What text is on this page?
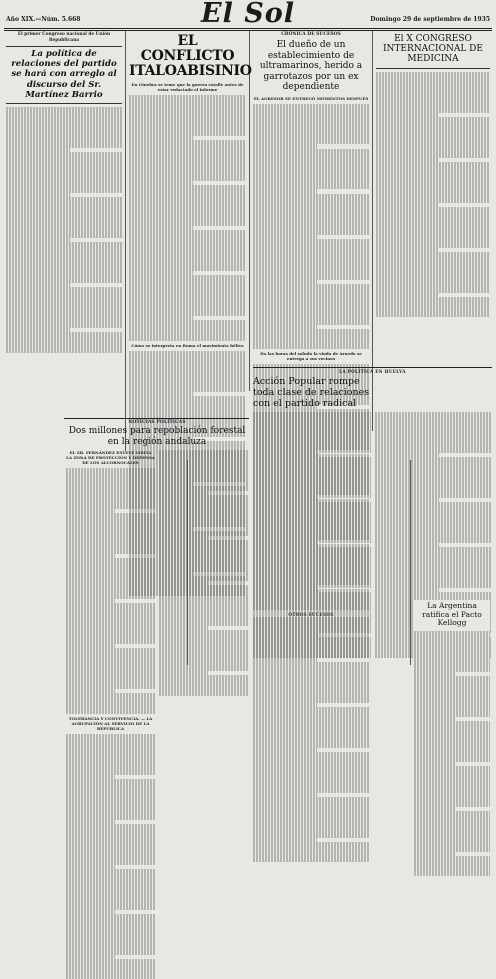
Año XIX.—Núm. 5.668	El Sol	Domingo 29 de septiembre de 1935
El primer Congreso nacional de Unión Republicana
La política de relaciones del partido se hará con arreglo al discurso del Sr. Martínez Barrio
EL CONFLICTO ITALOABISINIO
En Ginebra se teme que la guerra estalle antes de estar redactado el informe
Cómo se interpreta en Roma el movimiento bélico
CRÓNICA DE SUCESOS
El dueño de un establecimiento de ultramarinos, herido a garrotazos por un ex dependiente
EL AGRESOR SE ENTREGÓ MOMENTOS DESPUÉS
En las horas del saludo la viuda de Arnedo se entrega a sus vecinos
OTROS SUCESOS
El X CONGRESO INTERNACIONAL DE MEDICINA
NOTICIAS POLÍTICAS
Dos millones para repoblación forestal en la región andaluza
EL SR. FERNÁNDEZ ESTEVE VISITA LA ZONA DE PROTECCIÓN Y DEFENSA DE LOS ALCORNOCALES
TOLERANCIA Y CONVIVENCIA. — LA AGRUPACIÓN AL SERVICIO DE LA REPÚBLICA
LA POLÍTICA EN HUELVA
Acción Popular rompe toda clase de relaciones con el partido radical
La Argentina ratifica el Pacto Kellogg
